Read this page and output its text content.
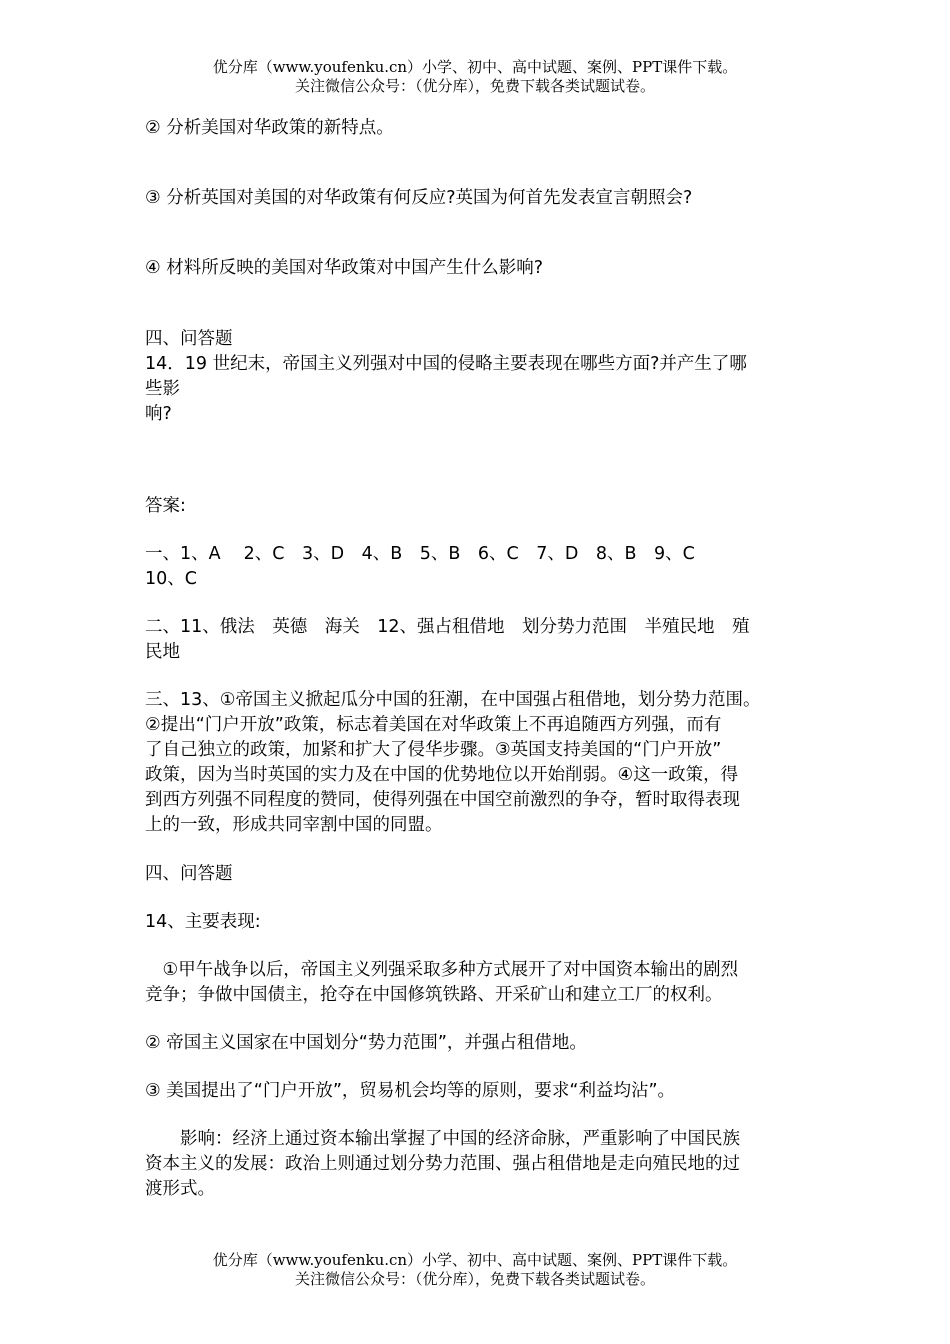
优分库（www.youfenku.cn）小学、初中、高中试题、案例、PPT课件下载。
关注微信公众号：（优分库），免费下载各类试题试卷。

② 分析美国对华政策的新特点。

③ 分析英国对美国的对华政策有何反应?英国为何首先发表宣言朝照会?

④ 材料所反映的美国对华政策对中国产生什么影响?

四、问答题

14．19 世纪末，帝国主义列强对中国的侵略主要表现在哪些方面?并产生了哪

些影

响?

答案:

一、1、A　 2、C　3、D　4、B　5、B　6、C　7、D　8、B　9、C

10、C

二、11、俄法　英德　海关　12、强占租借地　划分势力范围　半殖民地　殖

民地

三、13、①帝国主义掀起瓜分中国的狂潮，在中国强占租借地，划分势力范围。

②提出“门户开放”政策，标志着美国在对华政策上不再追随西方列强，而有

了自己独立的政策，加紧和扩大了侵华步骤。③英国支持美国的“门户开放”

政策，因为当时英国的实力及在中国的优势地位以开始削弱。④这一政策，得

到西方列强不同程度的赞同，使得列强在中国空前激烈的争夺，暂时取得表现

上的一致，形成共同宰割中国的同盟。

四、问答题

14、主要表现:

　①甲午战争以后，帝国主义列强采取多种方式展开了对中国资本输出的剧烈

竞争；争做中国债主，抢夺在中国修筑铁路、开采矿山和建立工厂的权利。

② 帝国主义国家在中国划分“势力范围”，并强占租借地。

③ 美国提出了“门户开放”，贸易机会均等的原则，要求“利益均沾”。

　　影响：经济上通过资本输出掌握了中国的经济命脉，严重影响了中国民族

资本主义的发展：政治上则通过划分势力范围、强占租借地是走向殖民地的过

渡形式。

优分库（www.youfenku.cn）小学、初中、高中试题、案例、PPT课件下载。
关注微信公众号：（优分库），免费下载各类试题试卷。
